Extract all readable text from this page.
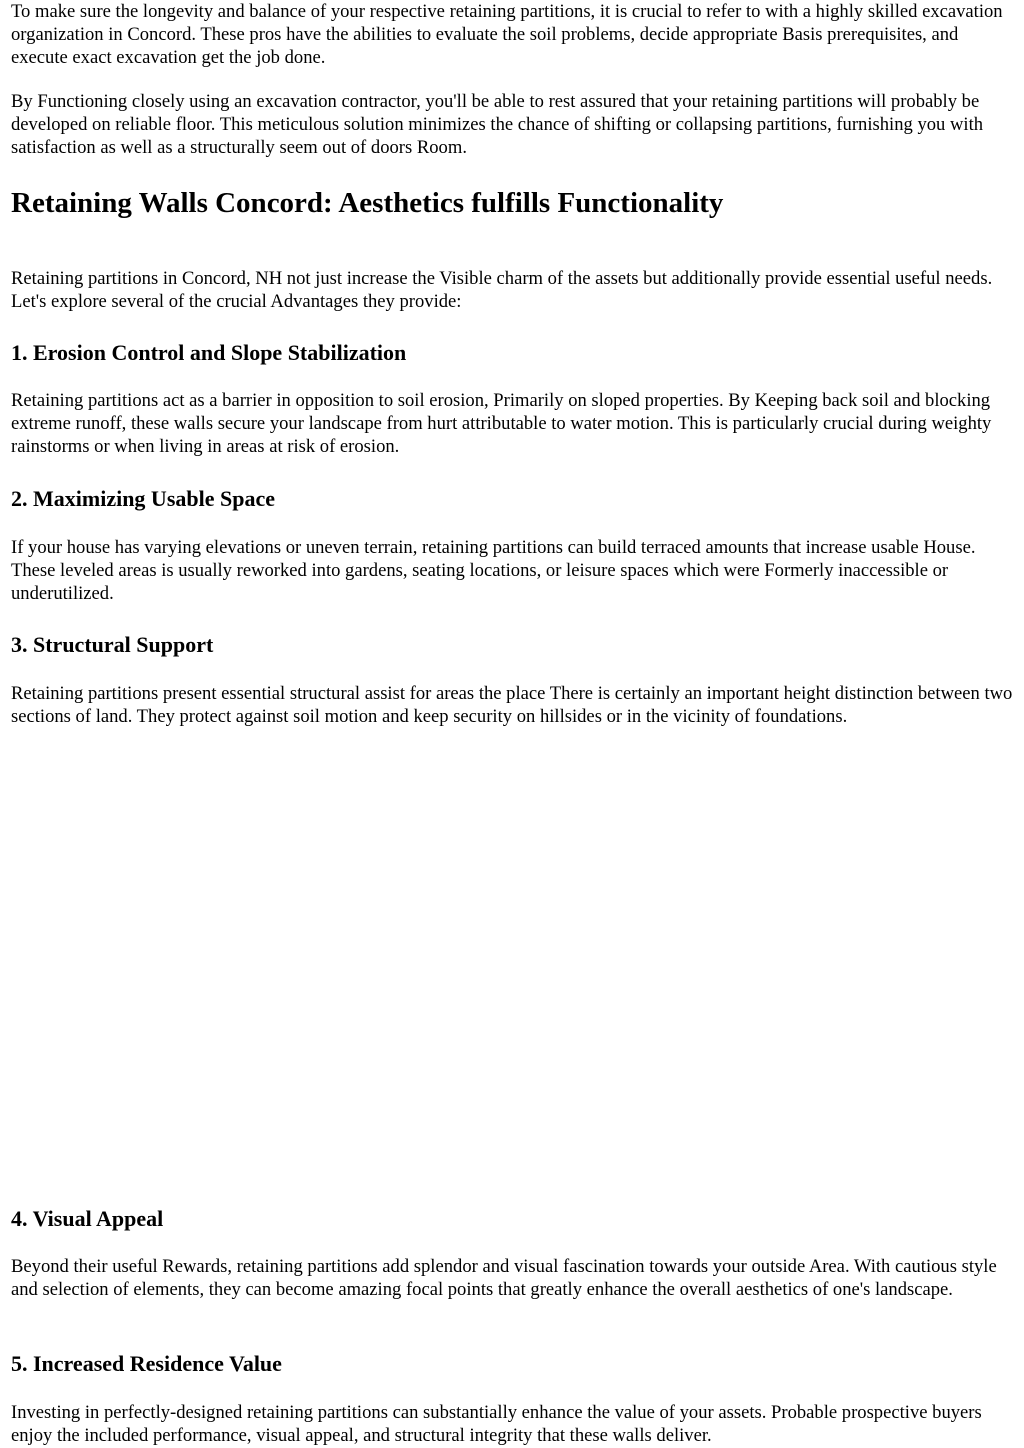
To make sure the longevity and balance of your respective retaining partitions, it is crucial to refer to with a highly skilled excavation organization in Concord. These pros have the abilities to evaluate the soil problems, decide appropriate Basis prerequisites, and execute exact excavation get the job done.

By Functioning closely using an excavation contractor, you'll be able to rest assured that your retaining partitions will probably be developed on reliable floor. This meticulous solution minimizes the chance of shifting or collapsing partitions, furnishing you with satisfaction as well as a structurally seem out of doors Room.

Retaining Walls Concord: Aesthetics fulfills Functionality

Retaining partitions in Concord, NH not just increase the Visible charm of the assets but additionally provide essential useful needs. Let's explore several of the crucial Advantages they provide:

1. Erosion Control and Slope Stabilization

Retaining partitions act as a barrier in opposition to soil erosion, Primarily on sloped properties. By Keeping back soil and blocking extreme runoff, these walls secure your landscape from hurt attributable to water motion. This is particularly crucial during weighty rainstorms or when living in areas at risk of erosion.

2. Maximizing Usable Space

If your house has varying elevations or uneven terrain, retaining partitions can build terraced amounts that increase usable House. These leveled areas is usually reworked into gardens, seating locations, or leisure spaces which were Formerly inaccessible or underutilized.

3. Structural Support

Retaining partitions present essential structural assist for areas the place There is certainly an important height distinction between two sections of land. They protect against soil motion and keep security on hillsides or in the vicinity of foundations.

4. Visual Appeal

Beyond their useful Rewards, retaining partitions add splendor and visual fascination towards your outside Area. With cautious style and selection of elements, they can become amazing focal points that greatly enhance the overall aesthetics of one's landscape.

5. Increased Residence Value

Investing in perfectly-designed retaining partitions can substantially enhance the value of your assets. Probable prospective buyers enjoy the included performance, visual appeal, and structural integrity that these walls deliver.
